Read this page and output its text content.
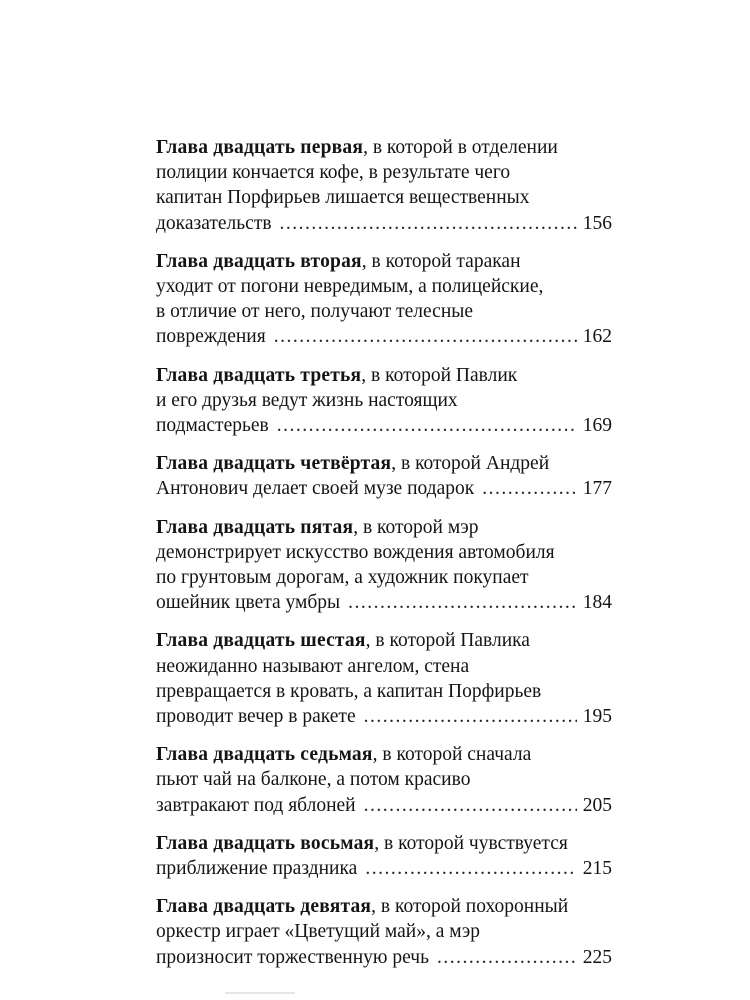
Глава двадцать первая, в которой в отделении
полиции кончается кофе, в результате чего
капитан Порфирьев лишается вещественных
доказательств .....	156
Глава двадцать вторая, в которой таракан
уходит от погони невредимым, а полицейские,
в отличие от него, получают телесные
повреждения .....	162
Глава двадцать третья, в которой Павлик
и его друзья ведут жизнь настоящих
подмастерьев .....	169
Глава двадцать четвёртая, в которой Андрей
Антонович делает своей музе подарок .....	177
Глава двадцать пятая, в которой мэр
демонстрирует искусство вождения автомобиля
по грунтовым дорогам, а художник покупает
ошейник цвета умбры .....	184
Глава двадцать шестая, в которой Павлика
неожиданно называют ангелом, стена
превращается в кровать, а капитан Порфирьев
проводит вечер в ракете .....	195
Глава двадцать седьмая, в которой сначала
пьют чай на балконе, а потом красиво
завтракают под яблоней .....	205
Глава двадцать восьмая, в которой чувствуется
приближение праздника .....	215
Глава двадцать девятая, в которой похоронный
оркестр играет «Цветущий май», а мэр
произносит торжественную речь .....	225
